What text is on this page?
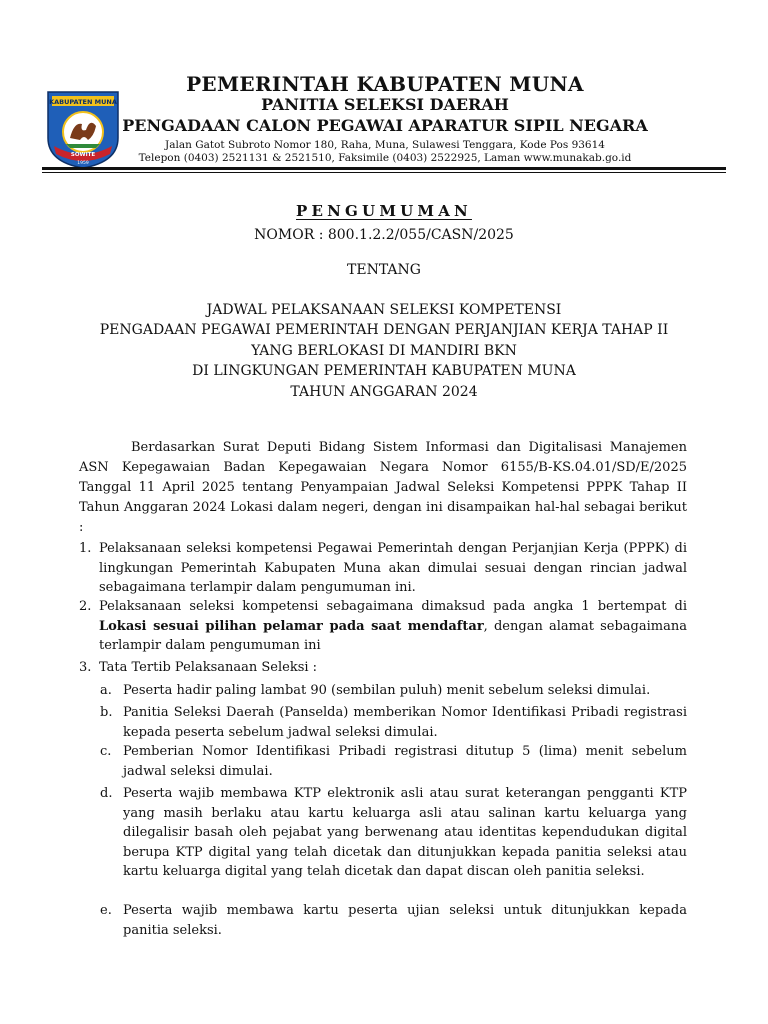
KABUPATEN MUNA
SOWITE
1959
PEMERINTAH KABUPATEN MUNA
PANITIA SELEKSI DAERAH
PENGADAAN CALON PEGAWAI APARATUR SIPIL NEGARA
Jalan Gatot Subroto Nomor 180, Raha, Muna, Sulawesi Tenggara, Kode Pos 93614
Telepon (0403) 2521131 & 2521510, Faksimile (0403) 2522925, Laman www.munakab.go.id
PENGUMUMAN
NOMOR : 800.1.2.2/055/CASN/2025
TENTANG
JADWAL PELAKSANAAN SELEKSI KOMPETENSI
PENGADAAN PEGAWAI PEMERINTAH DENGAN PERJANJIAN KERJA TAHAP II
YANG BERLOKASI DI MANDIRI BKN
DI LINGKUNGAN PEMERINTAH KABUPATEN MUNA
TAHUN ANGGARAN 2024

Berdasarkan Surat Deputi Bidang Sistem Informasi dan Digitalisasi Manajemen ASN Kepegawaian Badan Kepegawaian Negara Nomor 6155/B-KS.04.01/SD/E/2025 Tanggal 11 April 2025 tentang Penyampaian Jadwal Seleksi Kompetensi PPPK Tahap II Tahun Anggaran 2024 Lokasi dalam negeri, dengan ini disampaikan hal-hal sebagai berikut :

1. Pelaksanaan seleksi kompetensi Pegawai Pemerintah dengan Perjanjian Kerja (PPPK) di lingkungan Pemerintah Kabupaten Muna akan dimulai sesuai dengan rincian jadwal sebagaimana terlampir dalam pengumuman ini.
2. Pelaksanaan seleksi kompetensi sebagaimana dimaksud pada angka 1 bertempat di Lokasi sesuai pilihan pelamar pada saat mendaftar, dengan alamat sebagaimana terlampir dalam pengumuman ini
3. Tata Tertib Pelaksanaan Seleksi :
a. Peserta hadir paling lambat 90 (sembilan puluh) menit sebelum seleksi dimulai.
b. Panitia Seleksi Daerah (Panselda) memberikan Nomor Identifikasi Pribadi registrasi kepada peserta sebelum jadwal seleksi dimulai.
c. Pemberian Nomor Identifikasi Pribadi registrasi ditutup 5 (lima) menit sebelum jadwal seleksi dimulai.
d. Peserta wajib membawa KTP elektronik asli atau surat keterangan pengganti KTP yang masih berlaku atau kartu keluarga asli atau salinan kartu keluarga yang dilegalisir basah oleh pejabat yang berwenang atau identitas kependudukan digital berupa KTP digital yang telah dicetak dan ditunjukkan kepada panitia seleksi atau kartu keluarga digital yang telah dicetak dan dapat discan oleh panitia seleksi.
e. Peserta wajib membawa kartu peserta ujian seleksi untuk ditunjukkan kepada panitia seleksi.
